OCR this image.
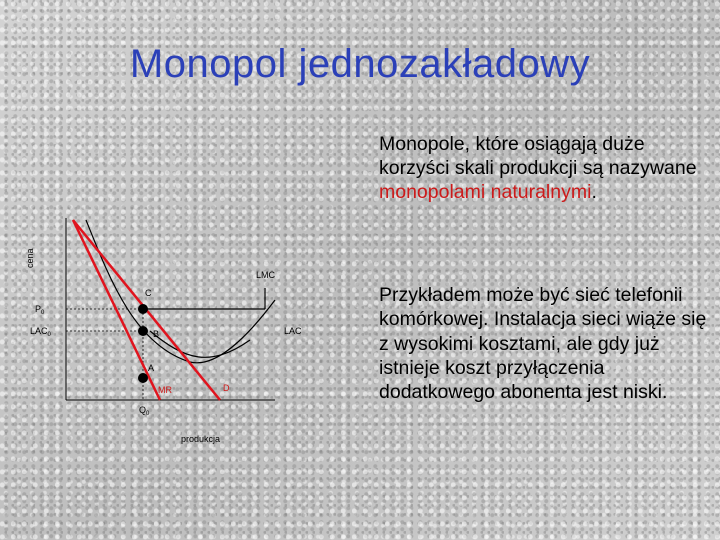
Monopol jednozakładowy
Monopole, które osiągają duże korzyści skali produkcji są nazywane monopolami naturalnymi.
Przykładem może być sieć telefonii komórkowej. Instalacja sieci wiąże się z wysokimi kosztami, ale gdy już istnieje koszt przyłączenia dodatkowego abonenta jest niski.
cena
produkcja
LMC
LAC
MR	D
C
B
A
$P_0$
$LAC_0$
$Q_0$
